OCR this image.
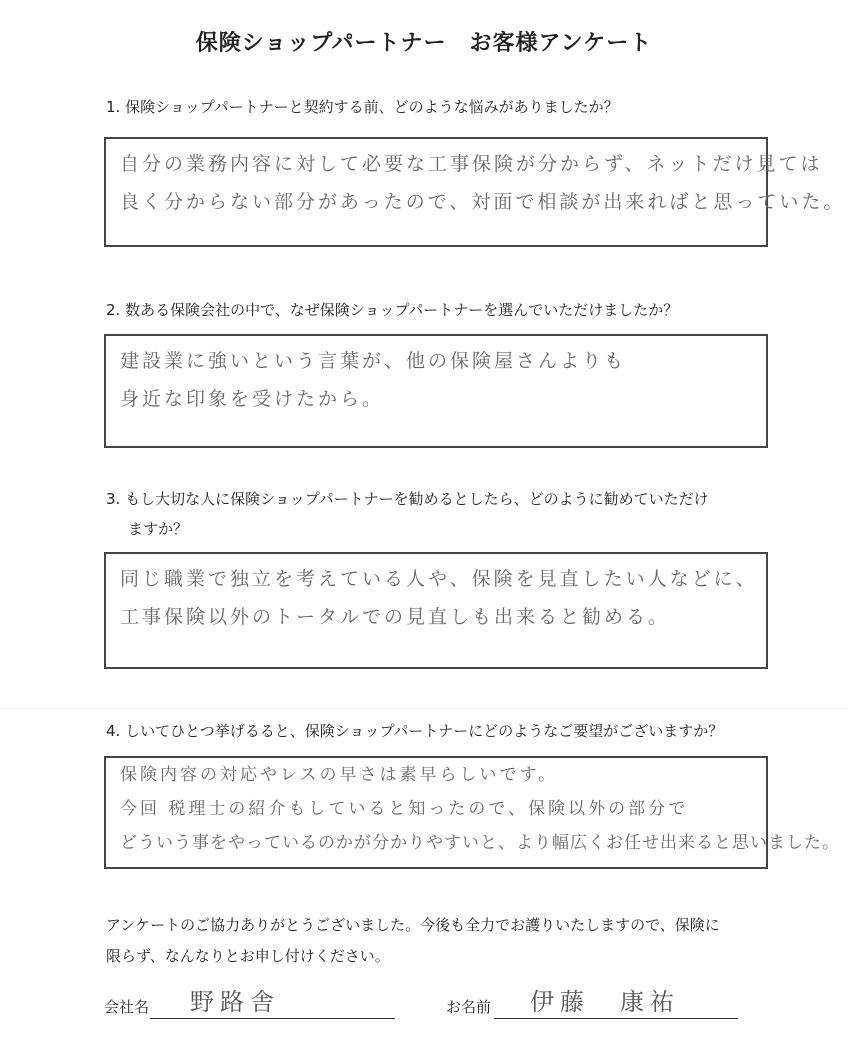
保険ショップパートナー　お客様アンケート
1. 保険ショップパートナーと契約する前、どのような悩みがありましたか？
自分の業務内容に対して必要な工事保険が分からず、ネットだけ見ては
良く分からない部分があったので、対面で相談が出来ればと思っていた。
2. 数ある保険会社の中で、なぜ保険ショップパートナーを選んでいただけましたか？
建設業に強いという言葉が、他の保険屋さんよりも
身近な印象を受けたから。
3. もし大切な人に保険ショップパートナーを勧めるとしたら、どのように勧めていただけ
ますか？
同じ職業で独立を考えている人や、保険を見直したい人などに、
工事保険以外のトータルでの見直しも出来ると勧める。
4. しいてひとつ挙げるると、保険ショップパートナーにどのようなご要望がございますか？
保険内容の対応やレスの早さは素早らしいです。
今回 税理士の紹介もしていると知ったので、保険以外の部分で
どういう事をやっているのかが分かりやすいと、より幅広くお任せ出来ると思いました。
アンケートのご協力ありがとうございました。今後も全力でお護りいたしますので、保険に
限らず、なんなりとお申し付けください。
会社名 野路舎	お名前 伊藤　康祐
